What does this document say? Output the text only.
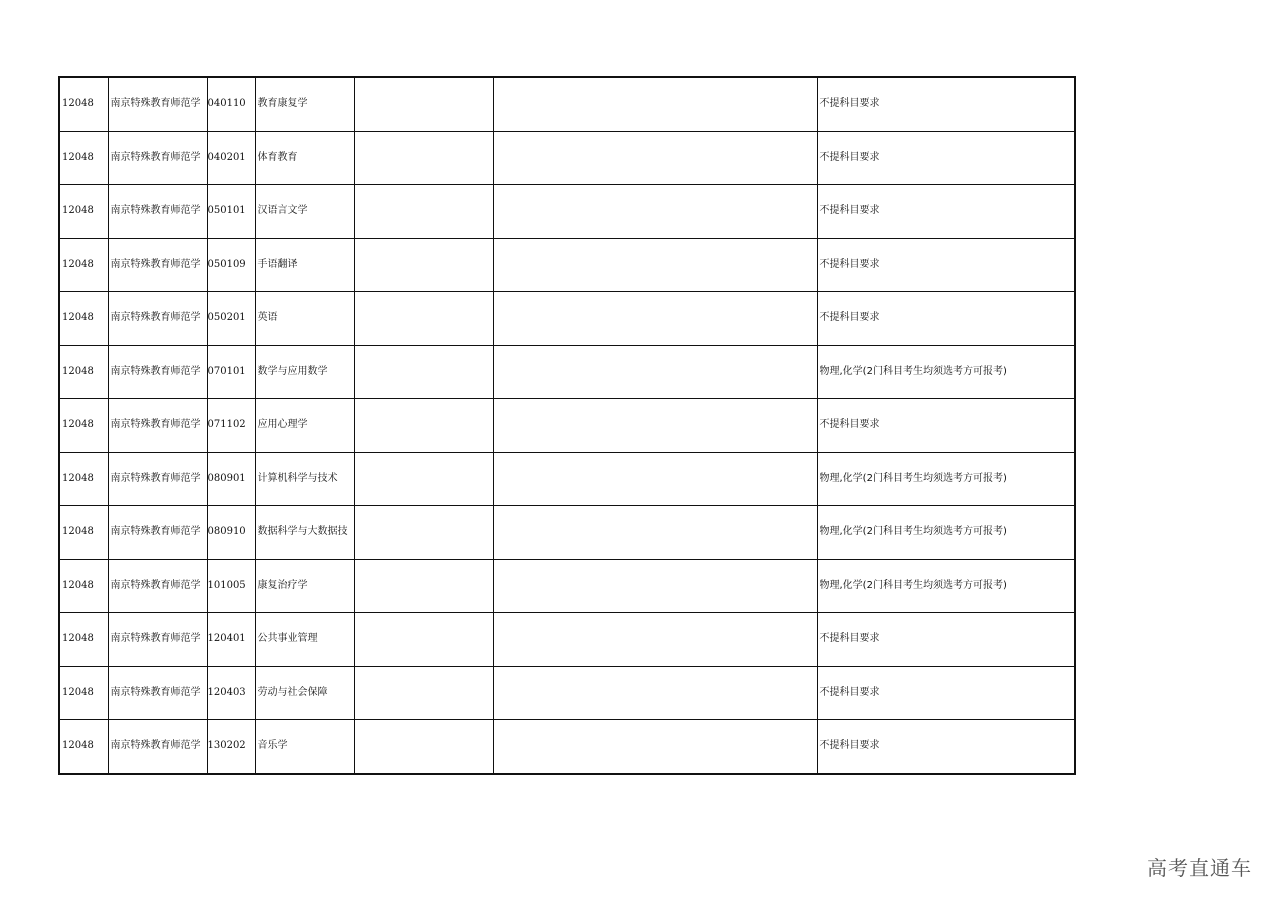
12048	南京特殊教育师范学	040110	教育康复学			不提科目要求
12048	南京特殊教育师范学	040201	体育教育			不提科目要求
12048	南京特殊教育师范学	050101	汉语言文学			不提科目要求
12048	南京特殊教育师范学	050109	手语翻译			不提科目要求
12048	南京特殊教育师范学	050201	英语			不提科目要求
12048	南京特殊教育师范学	070101	数学与应用数学			物理,化学(2门科目考生均须选考方可报考)
12048	南京特殊教育师范学	071102	应用心理学			不提科目要求
12048	南京特殊教育师范学	080901	计算机科学与技术			物理,化学(2门科目考生均须选考方可报考)
12048	南京特殊教育师范学	080910	数据科学与大数据技			物理,化学(2门科目考生均须选考方可报考)
12048	南京特殊教育师范学	101005	康复治疗学			物理,化学(2门科目考生均须选考方可报考)
12048	南京特殊教育师范学	120401	公共事业管理			不提科目要求
12048	南京特殊教育师范学	120403	劳动与社会保障			不提科目要求
12048	南京特殊教育师范学	130202	音乐学			不提科目要求
高考直通车
